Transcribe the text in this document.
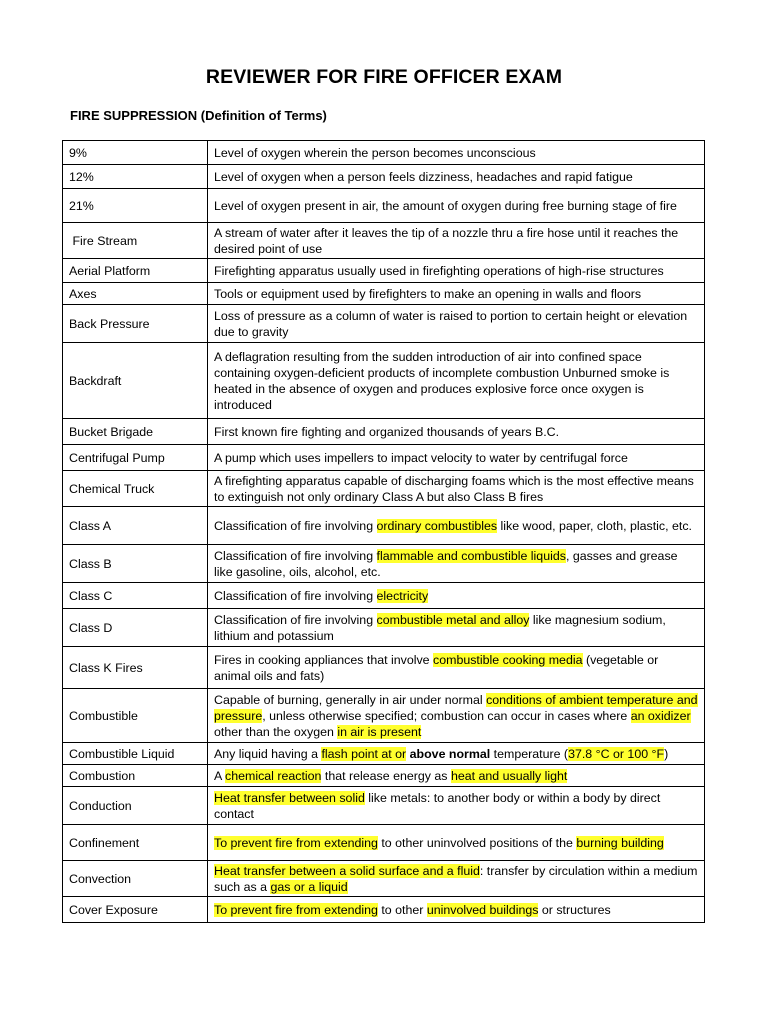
REVIEWER FOR FIRE OFFICER EXAM
FIRE SUPPRESSION (Definition of Terms)
9%	Level of oxygen wherein the person becomes unconscious
12%	Level of oxygen when a person feels dizziness, headaches and rapid fatigue
21%	Level of oxygen present in air, the amount of oxygen during free burning stage of fire
Fire Stream	A stream of water after it leaves the tip of a nozzle thru a fire hose until it reaches the desired point of use
Aerial Platform	Firefighting apparatus usually used in firefighting operations of high-rise structures
Axes	Tools or equipment used by firefighters to make an opening in walls and floors
Back Pressure	Loss of pressure as a column of water is raised to portion to certain height or elevation due to gravity
Backdraft	A deflagration resulting from the sudden introduction of air into confined space containing oxygen-deficient products of incomplete combustion Unburned smoke is heated in the absence of oxygen and produces explosive force once oxygen is introduced
Bucket Brigade	First known fire fighting and organized thousands of years B.C.
Centrifugal Pump	A pump which uses impellers to impact velocity to water by centrifugal force
Chemical Truck	A firefighting apparatus capable of discharging foams which is the most effective means to extinguish not only ordinary Class A but also Class B fires
Class A	Classification of fire involving ordinary combustibles like wood, paper, cloth, plastic, etc.
Class B	Classification of fire involving flammable and combustible liquids, gasses and grease like gasoline, oils, alcohol, etc.
Class C	Classification of fire involving electricity
Class D	Classification of fire involving combustible metal and alloy like magnesium sodium, lithium and potassium
Class K Fires	Fires in cooking appliances that involve combustible cooking media (vegetable or animal oils and fats)
Combustible	Capable of burning, generally in air under normal conditions of ambient temperature and pressure, unless otherwise specified; combustion can occur in cases where an oxidizer other than the oxygen in air is present
Combustible Liquid	Any liquid having a flash point at or above normal temperature (37.8 °C or 100 °F)
Combustion	A chemical reaction that release energy as heat and usually light
Conduction	Heat transfer between solid like metals: to another body or within a body by direct contact
Confinement	To prevent fire from extending to other uninvolved positions of the burning building
Convection	Heat transfer between a solid surface and a fluid: transfer by circulation within a medium such as a gas or a liquid
Cover Exposure	To prevent fire from extending to other uninvolved buildings or structures
